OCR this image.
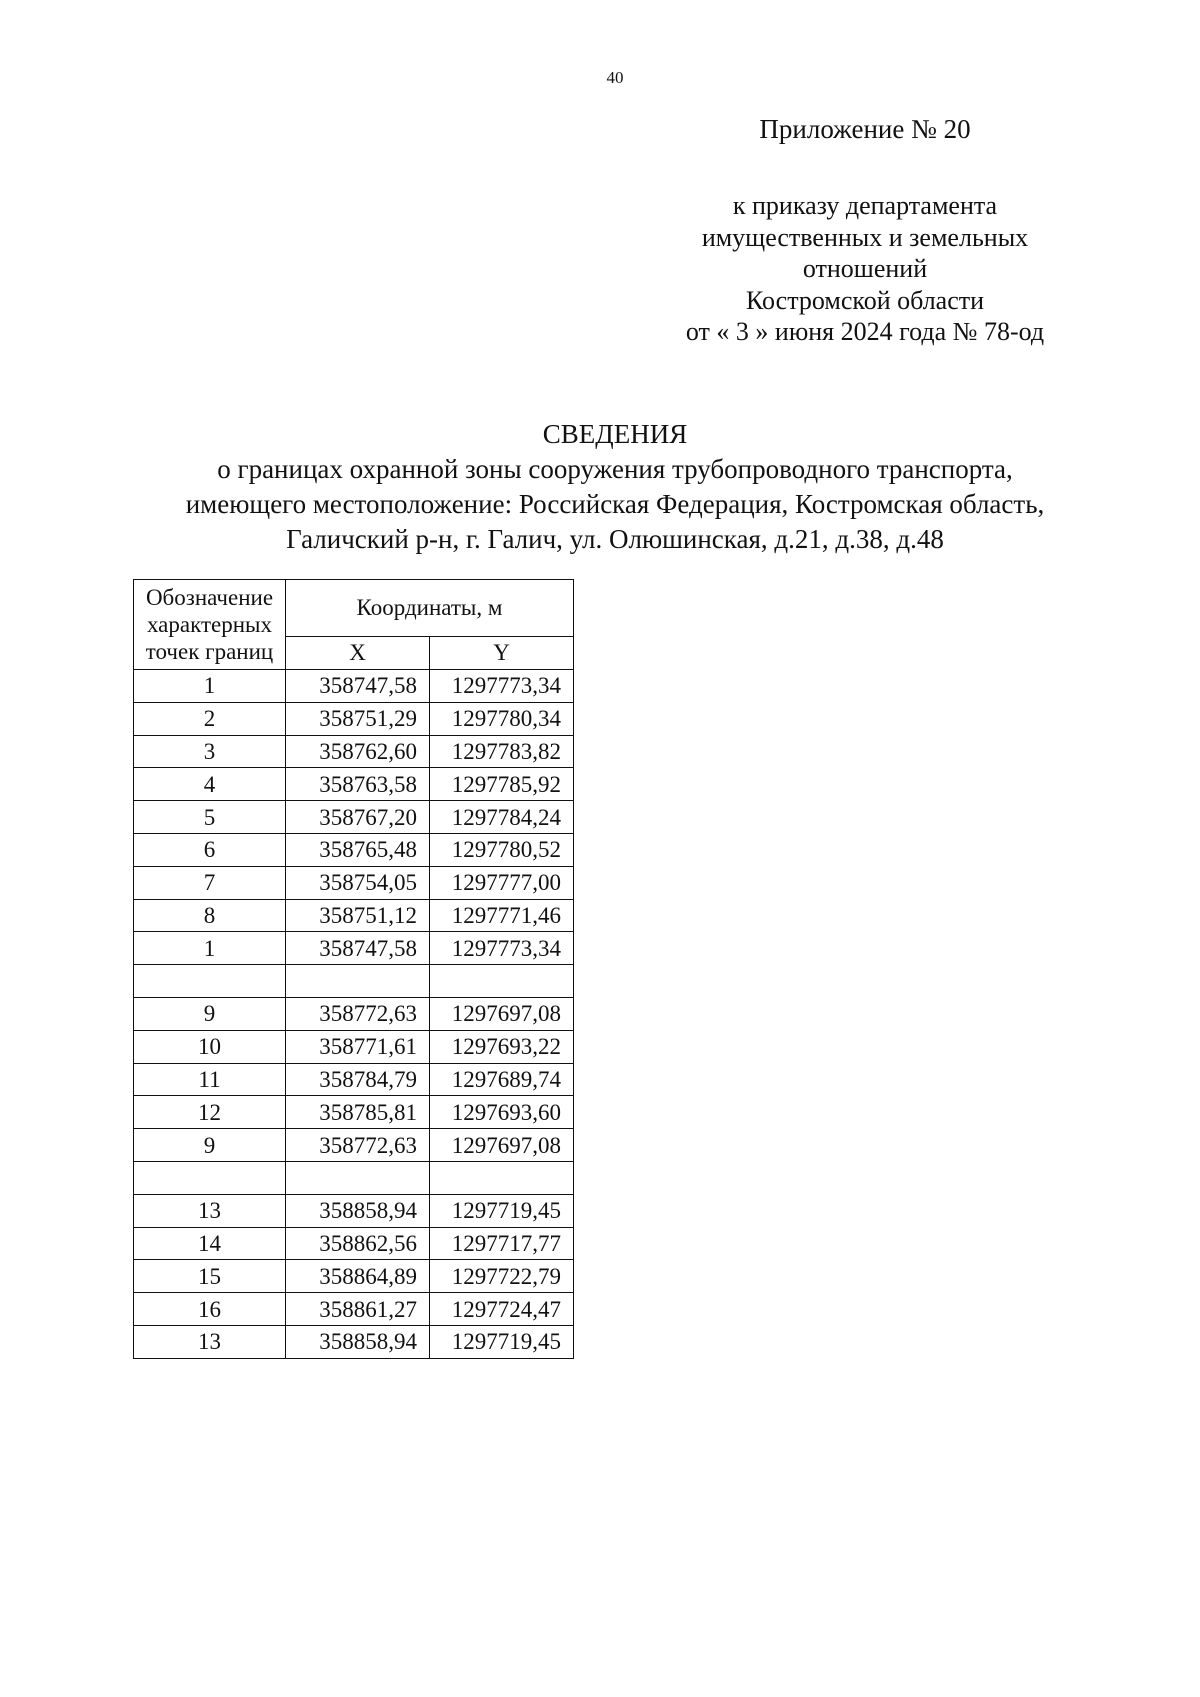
40
Приложение № 20
к приказу департамента
имущественных и земельных
отношений
Костромской области
от « 3 » июня 2024 года № 78-од
СВЕДЕНИЯ
о границах охранной зоны сооружения трубопроводного транспорта,
имеющего местоположение: Российская Федерация, Костромская область,
Галичский р-н, г. Галич, ул. Олюшинская, д.21, д.38, д.48
Обозначение
характерных
точек границ	Координаты, м	
	X	Y
1	358747,58	1297773,34
2	358751,29	1297780,34
3	358762,60	1297783,82
4	358763,58	1297785,92
5	358767,20	1297784,24
6	358765,48	1297780,52
7	358754,05	1297777,00
8	358751,12	1297771,46
1	358747,58	1297773,34

9	358772,63	1297697,08
10	358771,61	1297693,22
11	358784,79	1297689,74
12	358785,81	1297693,60
9	358772,63	1297697,08

13	358858,94	1297719,45
14	358862,56	1297717,77
15	358864,89	1297722,79
16	358861,27	1297724,47
13	358858,94	1297719,45
